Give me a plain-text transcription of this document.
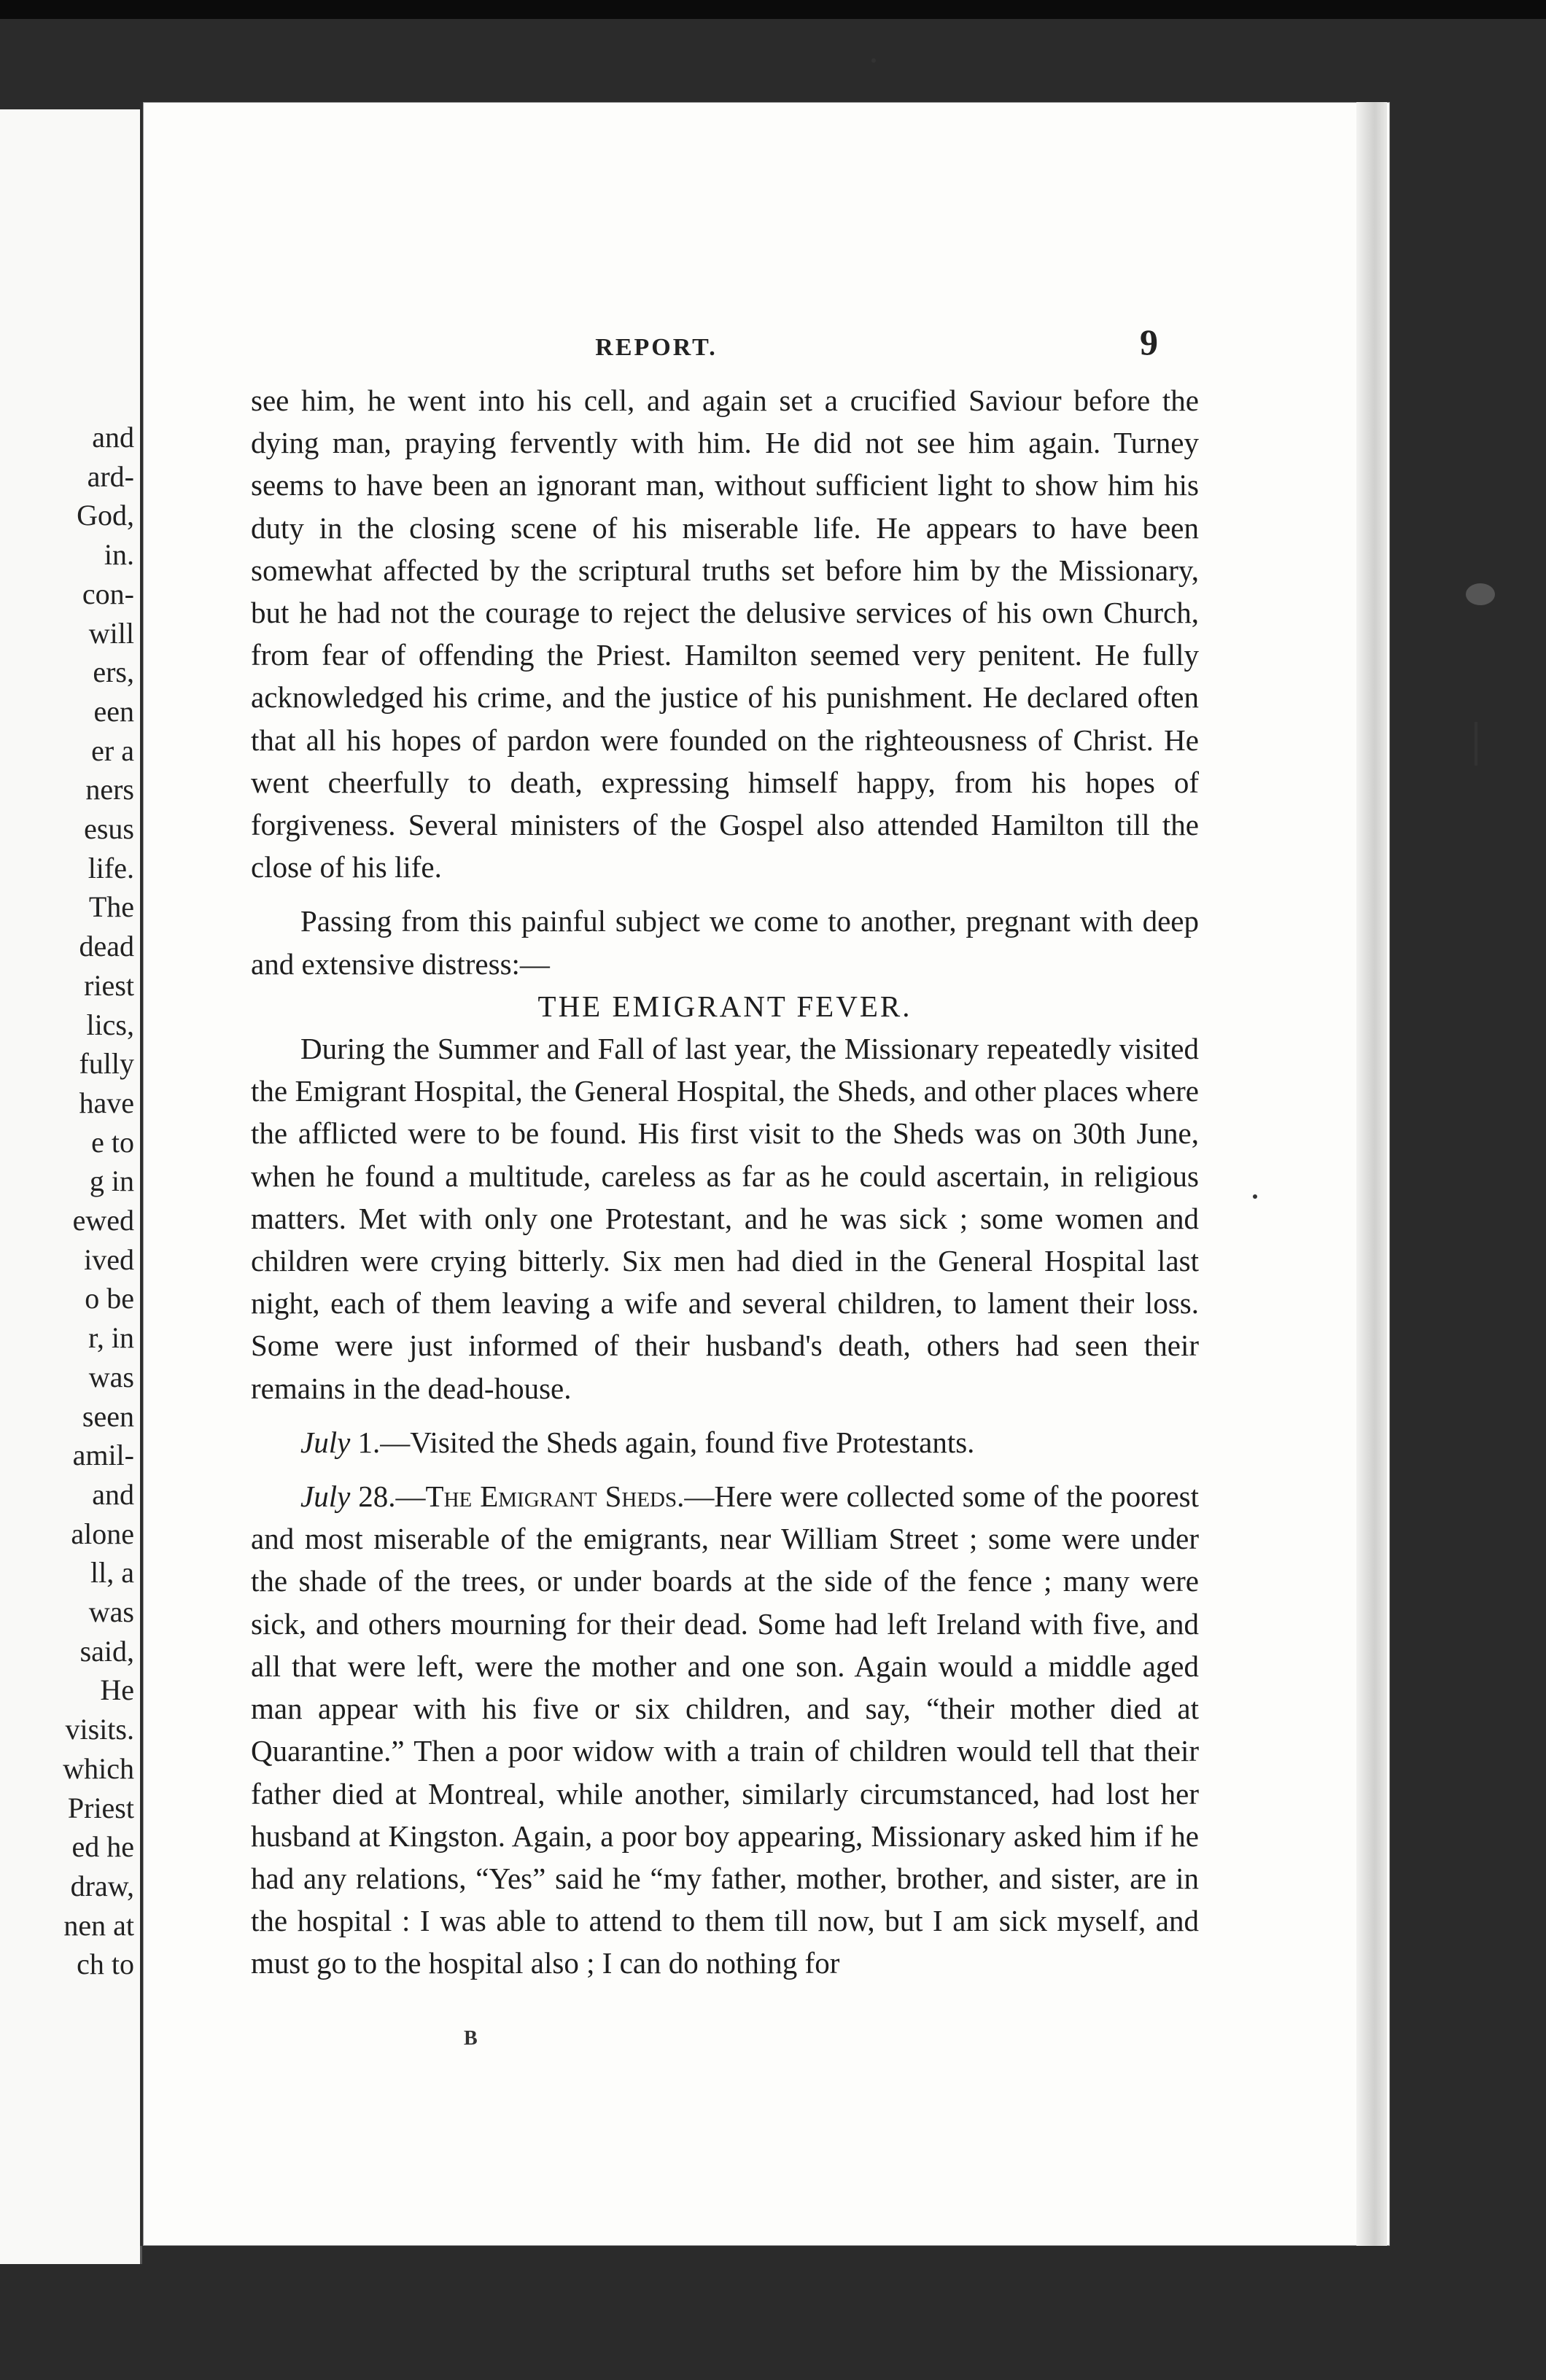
and
ard-
God,
in.
con-
will
ers,
een
er a
ners
esus
life.
The
dead
riest
lics,
fully
have
e to
g in
ewed
ived
o be
r, in
was
seen
amil-
and
alone
ll, a
was
said,
He
visits.
which
Priest
ed he
draw,
nen at
ch to
REPORT.	9

see him, he went into his cell, and again set a crucified Saviour before the dying man, praying fervently with him. He did not see him again. Turney seems to have been an ignorant man, without sufficient light to show him his duty in the closing scene of his miserable life. He appears to have been somewhat affected by the scriptural truths set before him by the Missionary, but he had not the courage to reject the delusive services of his own Church, from fear of offending the Priest. Hamilton seemed very penitent. He fully acknowledged his crime, and the justice of his punishment. He declared often that all his hopes of pardon were founded on the righteousness of Christ. He went cheerfully to death, expressing himself happy, from his hopes of forgiveness. Several ministers of the Gospel also attended Hamilton till the close of his life.

Passing from this painful subject we come to another, pregnant with deep and extensive distress:—

THE EMIGRANT FEVER.

During the Summer and Fall of last year, the Missionary repeatedly visited the Emigrant Hospital, the General Hospital, the Sheds, and other places where the afflicted were to be found. His first visit to the Sheds was on 30th June, when he found a multitude, careless as far as he could ascertain, in religious matters. Met with only one Protestant, and he was sick ; some women and children were crying bitterly. Six men had died in the General Hospital last night, each of them leaving a wife and several children, to lament their loss. Some were just informed of their husband's death, others had seen their remains in the dead-house.

July 1.—Visited the Sheds again, found five Protestants.

July 28.—The Emigrant Sheds.—Here were collected some of the poorest and most miserable of the emigrants, near William Street ; some were under the shade of the trees, or under boards at the side of the fence ; many were sick, and others mourning for their dead. Some had left Ireland with five, and all that were left, were the mother and one son. Again would a middle aged man appear with his five or six children, and say, “their mother died at Quarantine.” Then a poor widow with a train of children would tell that their father died at Montreal, while another, similarly circumstanced, had lost her husband at Kingston. Again, a poor boy appearing, Missionary asked him if he had any relations, “Yes” said he “my father, mother, brother, and sister, are in the hospital : I was able to attend to them till now, but I am sick myself, and must go to the hospital also ; I can do nothing for

B
